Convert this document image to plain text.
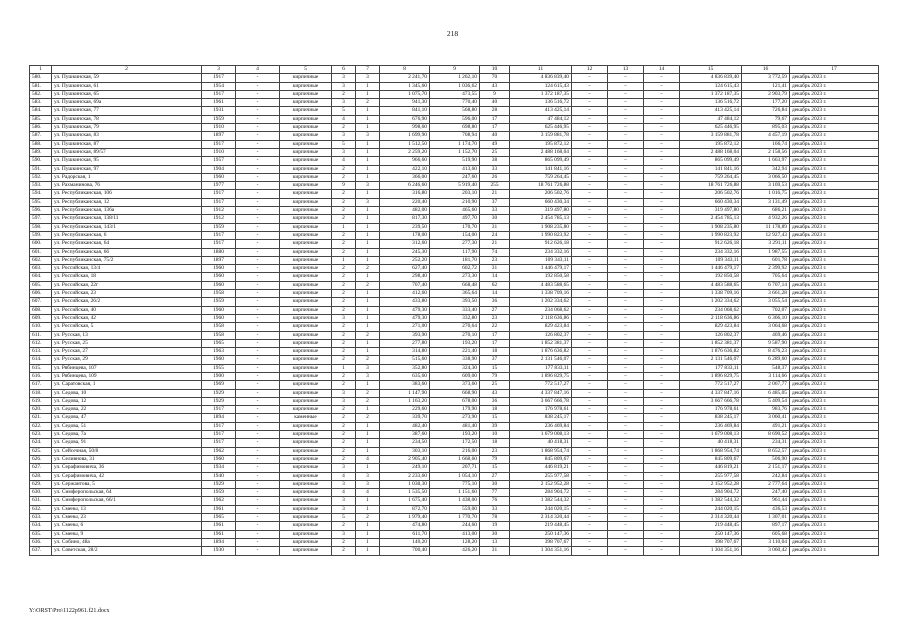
218
1	2	3	4	5	6	7	8	9	10	11	12	13	14	15	16	17
580.	ул. Пушкинская, 59	1917	-	кирпичные	3	3	2 241,70	1 262,10	70	4 836 839,40	–	–	–	4 836 839,40	3 772,59	декабрь 2023 г.
581.	ул. Пушкинская, 61	1954	-	кирпичные	3	1	1 345,60	1 036,62	43	124 615,43	–	–	–	124 615,43	121,41	декабрь 2023 г.
582.	ул. Пушкинская, 65	1917	-	кирпичные	2	1	1 075,70	473,55	9	1 372 187,35	–	–	–	1 372 187,35	2 903,79	декабрь 2023 г.
583.	ул. Пушкинская, 69а	1961	-	кирпичные	3	2	941,30	770,40	40	136 516,72	–	–	–	136 516,72	177,20	декабрь 2023 г.
584.	ул. Пушкинская, 77	1931	-	кирпичные	5	1	841,10	568,80	28	413 425,14	–	–	–	413 425,14	726,84	декабрь 2023 г.
585.	ул. Пушкинская, 78	1959	-	кирпичные	4	1	676,90	596,00	17	47 484,12	–	–	–	47 484,12	79,67	декабрь 2023 г.
586.	ул. Пушкинская, 79	1910	-	кирпичные	2	1	998,60	698,80	17	625 446,95	–	–	–	625 446,95	895,03	декабрь 2023 г.
587.	ул. Пушкинская, 83	1897	-	кирпичные	3	3	1 699,90	708,94	40	3 159 881,78	–	–	–	3 159 881,78	4 457,19	декабрь 2023 г.
588.	ул. Пушкинская, 87	1917	-	кирпичные	5	1	1 512,50	1 174,70	49	195 872,12	–	–	–	195 872,12	166,74	декабрь 2023 г.
589.	ул. Пушкинская, 89/57	1910	-	кирпичные	3	1	2 259,20	1 152,70	25	2 488 168,04	–	–	–	2 488 168,04	2 158,56	декабрь 2023 г.
590.	ул. Пушкинская, 95	1957	-	кирпичные	4	1	966,60	519,90	38	865 099,49	–	–	–	865 099,49	1 663,97	декабрь 2023 г.
591.	ул. Пушкинская, 97	1904	-	кирпичные	2	1	422,10	413,60	33	141 841,16	–	–	–	141 841,16	342,94	декабрь 2023 г.
592.	ул. Радорская, 1	1960	-	кирпичные	2	1	366,00	247,60	26	759 264,45	–	–	–	759 264,45	3 066,50	декабрь 2023 г.
593.	ул. Рахманинова, 76	1977	-	кирпичные	9	3	6 246,60	5 919,40	255	18 761 726,88	–	–	–	18 761 726,88	3 169,53	декабрь 2023 г.
594.	ул. Республиканская, 106	1917	-	кирпичные	2	1	316,80	203,10	21	206 502,76	–	–	–	206 502,76	1 016,75	декабрь 2023 г.
595.	ул. Республиканская, 12	1917	-	кирпичные	2	3	220,40	210,90	37	660 430,34	–	–	–	660 430,34	3 131,49	декабрь 2023 г.
596.	ул. Республиканская, 136а	1912	-	кирпичные	2	1	482,00	465,60	33	319 497,80	–	–	–	319 497,80	686,21	декабрь 2023 г.
597.	ул. Республиканская, 138/11	1912	-	кирпичные	2	1	817,30	497,70	30	2 454 785,13	–	–	–	2 454 785,13	4 932,26	декабрь 2023 г.
598.	ул. Республиканская, 143/1	1959	-	кирпичные	1	1	239,50	170,70	31	1 908 235,80	–	–	–	1 908 235,80	11 178,89	декабрь 2023 г.
599.	ул. Республиканская, 6	1917	-	кирпичные	2	1	178,00	154,00	24	1 990 823,92	–	–	–	1 990 823,92	12 927,43	декабрь 2023 г.
600.	ул. Республиканская, 64	1917	-	кирпичные	2	1	312,60	277,30	21	912 626,18	–	–	–	912 626,18	3 291,11	декабрь 2023 г.
601.	ул. Республиканская, 66	1880	-	кирпичные	2	1	245,30	117,90	74	234 332,16	–	–	–	234 332,16	1 987,55	декабрь 2023 г.
602.	ул. Республиканская, 75/2	1897	-	кирпичные	1	1	252,20	181,70	23	109 343,11	–	–	–	109 343,11	601,78	декабрь 2023 г.
603.	ул. Российская, 13/4	1960	-	кирпичные	2	2	627,40	602,72	31	1 446 479,17	–	–	–	1 446 479,17	2 399,92	декабрь 2023 г.
604.	ул. Российская, 18	1960	-	кирпичные	2	1	298,40	273,30	14	192 850,58	–	–	–	192 850,58	705,64	декабрь 2023 г.
605.	ул. Российская, 22г	1960	-	кирпичные	2	2	707,40	668,48	62	4 483 588,65	–	–	–	4 483 588,65	6 707,14	декабрь 2023 г.
606.	ул. Российская, 23	1958	-	кирпичные	2	1	412,60	365,64	14	1 338 709,16	–	–	–	1 338 709,16	3 661,28	декабрь 2023 г.
607.	ул. Российская, 26/2	1959	-	кирпичные	2	1	433,80	393,50	36	1 202 334,62	–	–	–	1 202 334,62	3 055,54	декабрь 2023 г.
608.	ул. Российская, 40	1960	-	кирпичные	2	1	479,30	333,40	27	234 068,62	–	–	–	234 068,62	702,07	декабрь 2023 г.
609.	ул. Российская, 42	1960	-	кирпичные	3	1	479,30	332,80	23	2 118 636,86	–	–	–	2 118 636,86	6 366,10	декабрь 2023 г.
610.	ул. Российская, 5	1958	-	кирпичные	2	1	271,00	270,64	22	829 423,84	–	–	–	829 423,84	3 064,68	декабрь 2023 г.
611.	ул. Русская, 13	1958	-	кирпичные	2	2	393,90	270,10	17	126 802,37	–	–	–	126 802,37	469,46	декабрь 2023 г.
612.	ул. Русская, 25	1965	-	кирпичные	2	1	277,80	193,20	17	1 852 381,37	–	–	–	1 852 381,37	9 587,90	декабрь 2023 г.
613.	ул. Русская, 27	1963	-	кирпичные	2	1	314,80	221,40	18	1 876 636,82	–	–	–	1 876 636,82	8 476,23	декабрь 2023 г.
614.	ул. Русская, 29	1960	-	кирпичные	2	2	515,60	338,90	37	2 131 546,07	–	–	–	2 131 546,07	6 289,60	декабрь 2023 г.
615.	ул. Рябинцева, 107	1955	-	кирпичные	1	3	352,80	324,30	15	177 833,11	–	–	–	177 833,11	548,37	декабрь 2023 г.
616.	ул. Рябинцева, 109	1900	-	кирпичные	2	3	635,60	609,00	79	1 896 829,75	–	–	–	1 896 829,75	3 114,66	декабрь 2023 г.
617.	ул. Саратовская, 1	1969	-	кирпичные	2	1	383,60	373,60	25	772 517,27	–	–	–	772 517,27	2 067,77	декабрь 2023 г.
618.	ул. Седова, 10	1929	-	кирпичные	3	2	1 147,90	668,90	43	4 337 847,16	–	–	–	4 337 847,16	6 485,05	декабрь 2023 г.
619.	ул. Седова, 12	1929	-	кирпичные	3	2	1 163,20	678,00	36	3 667 666,78	–	–	–	3 667 666,78	5 409,54	декабрь 2023 г.
620.	ул. Седова, 22	1917	-	кирпичные	2	1	229,60	179,90	18	176 978,61	–	–	–	176 978,61	983,76	декабрь 2023 г.
621.	ул. Седова, 47	1894	-	каменные	2	2	339,70	273,90	15	838 245,17	–	–	–	838 245,17	3 060,41	декабрь 2023 г.
622.	ул. Седова, 51	1917	-	кирпичные	2	1	482,40	481,40	39	236 469,84	–	–	–	236 469,84	491,21	декабрь 2023 г.
623.	ул. Седова, 7а	1917	-	кирпичные	2	1	387,60	193,20	10	1 679 008,13	–	–	–	1 679 008,13	8 690,52	декабрь 2023 г.
624.	ул. Седова, 91	1917	-	кирпичные	2	1	234,50	172,50	18	40 418,31	–	–	–	40 418,31	234,31	декабрь 2023 г.
625.	ул. Сейсечная, 50/8	1962	-	кирпичные	2	1	303,10	216,00	23	1 868 954,74	–	–	–	1 868 954,74	8 652,57	декабрь 2023 г.
626.	ул. Селивнова, 31	1960	-	кирпичные	2	4	2 905,40	1 668,60	79	845 809,67	–	–	–	845 809,67	506,90	декабрь 2023 г.
627.	ул. Серафимовича, 36	1934	-	кирпичные	3	1	249,10	207,71	15	446 819,21	–	–	–	446 819,21	2 151,17	декабрь 2023 г.
628.	ул. Серафимовича, 42	1940	-	кирпичные	4	3	2 233,60	1 054,10	27	255 977,58	–	–	–	255 977,58	242,84	декабрь 2023 г.
629.	ул. Сержантова, 5	1929	-	кирпичные	3	3	1 038,30	775,10	30	2 152 952,28	–	–	–	2 152 952,28	2 777,64	декабрь 2023 г.
630.	ул. Симферопольская, 64	1959	-	кирпичные	4	4	1 535,50	1 151,60	77	284 904,72	–	–	–	284 904,72	247,40	декабрь 2023 г.
631.	ул. Симферопольская, 66/1	1962	-	кирпичные	3	1	1 675,40	1 438,00	76	1 382 544,32	–	–	–	1 382 544,32	961,44	декабрь 2023 г.
632.	ул. Смены, 13	1961	-	кирпичные	3	1	872,70	559,00	33	244 020,15	–	–	–	244 020,15	436,53	декабрь 2023 г.
633.	ул. Смены, 23	1965	-	кирпичные	5	2	1 979,40	1 770,70	78	2 314 320,44	–	–	–	2 314 320,44	1 307,01	декабрь 2023 г.
634.	ул. Смены, 6	1961	-	кирпичные	2	1	474,80	244,60	19	219 448,45	–	–	–	219 448,45	897,17	декабрь 2023 г.
635.	ул. Смены, 9	1961	-	кирпичные	3	1	611,70	413,00	30	250 147,36	–	–	–	250 147,36	605,68	декабрь 2023 г.
636.	ул. Собино, 48а	1894	-	кирпичные	2	1	140,20	128,20	13	398 707,67	–	–	–	398 707,67	3 110,04	декабрь 2023 г.
637.	ул. Советская, 28/2	1930	-	кирпичные	2	1	700,40	426,20	31	1 304 351,16	–	–	–	1 304 351,16	3 060,42	декабрь 2023 г.
Y:\ORST\Pro\1122p961.f21.docx
